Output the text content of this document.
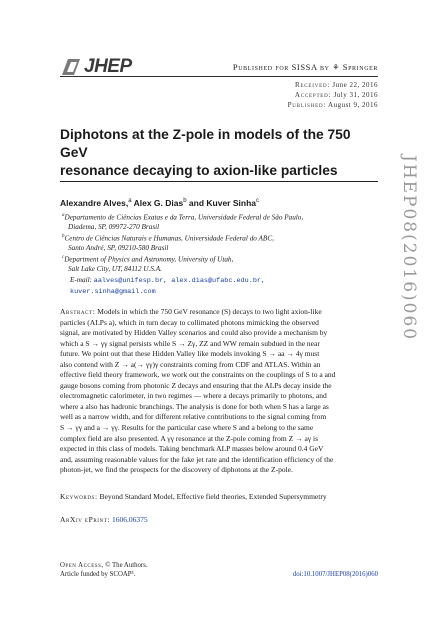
JHEP	Published for SISSA by ⚘ Springer
Received: June 22, 2016
Accepted: July 31, 2016
Published: August 9, 2016
Diphotons at the Z-pole in models of the 750 GeV
resonance decaying to axion-like particles	JHEP08(2016)060
Alexandre Alves,$^a$ Alex G. Dias$^b$ and Kuver Sinha$^c$
$^a$Departamento de Ciências Exatas e da Terra, Universidade Federal de São Paulo,
Diadema, SP, 09972-270 Brasil
$^b$Centro de Ciências Naturais e Humanas, Universidade Federal do ABC,
Santo André, SP, 09210-580 Brasil
$^c$Department of Physics and Astronomy, University of Utah,
Salt Lake City, UT, 84112 U.S.A.
E-mail: aalves@unifesp.br, alex.dias@ufabc.edu.br,
kuver.sinha@gmail.com
Abstract: Models in which the 750 GeV resonance (S) decays to two light axion-like
particles (ALPs a), which in turn decay to collimated photons mimicking the observed
signal, are motivated by Hidden Valley scenarios and could also provide a mechanism by
which a S → γγ signal persists while S → Zγ, ZZ and WW remain subdued in the near
future. We point out that these Hidden Valley like models invoking S → aa → 4γ must
also contend with Z → a(→ γγ)γ constraints coming from CDF and ATLAS. Within an
effective field theory framework, we work out the constraints on the couplings of S to a and
gauge bosons coming from photonic Z decays and ensuring that the ALPs decay inside the
electromagnetic calorimeter, in two regimes — where a decays primarily to photons, and
where a also has hadronic branchings. The analysis is done for both when S has a large as
well as a narrow width, and for different relative contributions to the signal coming from
S → γγ and a → γγ. Results for the particular case where S and a belong to the same
complex field are also presented. A γγ resonance at the Z-pole coming from Z → aγ is
expected in this class of models. Taking benchmark ALP masses below around 0.4 GeV
and, assuming reasonable values for the fake jet rate and the identification efficiency of the
photon-jet, we find the prospects for the discovery of diphotons at the Z-pole.
Keywords: Beyond Standard Model, Effective field theories, Extended Supersymmetry
ArXiv ePrint: 1606.06375
Open Access, © The Authors.
Article funded by SCOAP³.	doi:10.1007/JHEP08(2016)060
